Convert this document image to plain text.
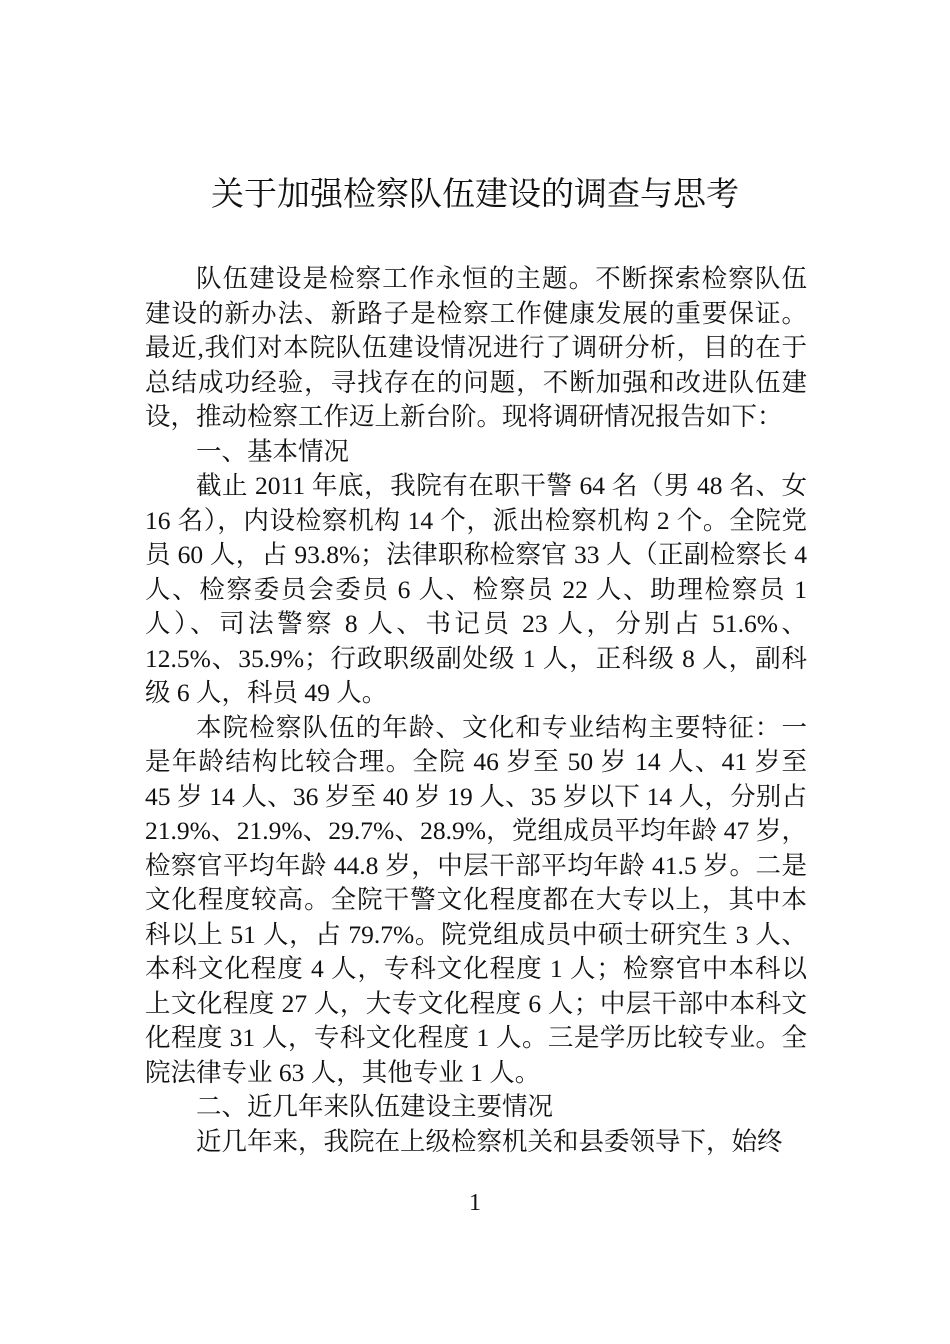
关于加强检察队伍建设的调查与思考

队伍建设是检察工作永恒的主题。不断探索检察队伍建设的新办法、新路子是检察工作健康发展的重要保证。最近,我们对本院队伍建设情况进行了调研分析，目的在于总结成功经验，寻找存在的问题，不断加强和改进队伍建设，推动检察工作迈上新台阶。现将调研情况报告如下：

一、基本情况

截止 2011 年底，我院有在职干警 64 名（男 48 名、女 16 名），内设检察机构 14 个，派出检察机构 2 个。全院党员 60 人，占 93.8%；法律职称检察官 33 人（正副检察长 4 人、检察委员会委员 6 人、检察员 22 人、助理检察员 1 人）、司法警察 8 人、书记员 23 人，分别占 51.6%、12.5%、35.9%；行政职级副处级 1 人，正科级 8 人，副科级 6 人，科员 49 人。

本院检察队伍的年龄、文化和专业结构主要特征：一是年龄结构比较合理。全院 46 岁至 50 岁 14 人、41 岁至 45 岁 14 人、36 岁至 40 岁 19 人、35 岁以下 14 人，分别占 21.9%、21.9%、29.7%、28.9%，党组成员平均年龄 47 岁，检察官平均年龄 44.8 岁，中层干部平均年龄 41.5 岁。二是文化程度较高。全院干警文化程度都在大专以上，其中本科以上 51 人，占 79.7%。院党组成员中硕士研究生 3 人、本科文化程度 4 人，专科文化程度 1 人；检察官中本科以上文化程度 27 人，大专文化程度 6 人；中层干部中本科文化程度 31 人，专科文化程度 1 人。三是学历比较专业。全院法律专业 63 人，其他专业 1 人。

二、近几年来队伍建设主要情况

近几年来，我院在上级检察机关和县委领导下，始终

1
